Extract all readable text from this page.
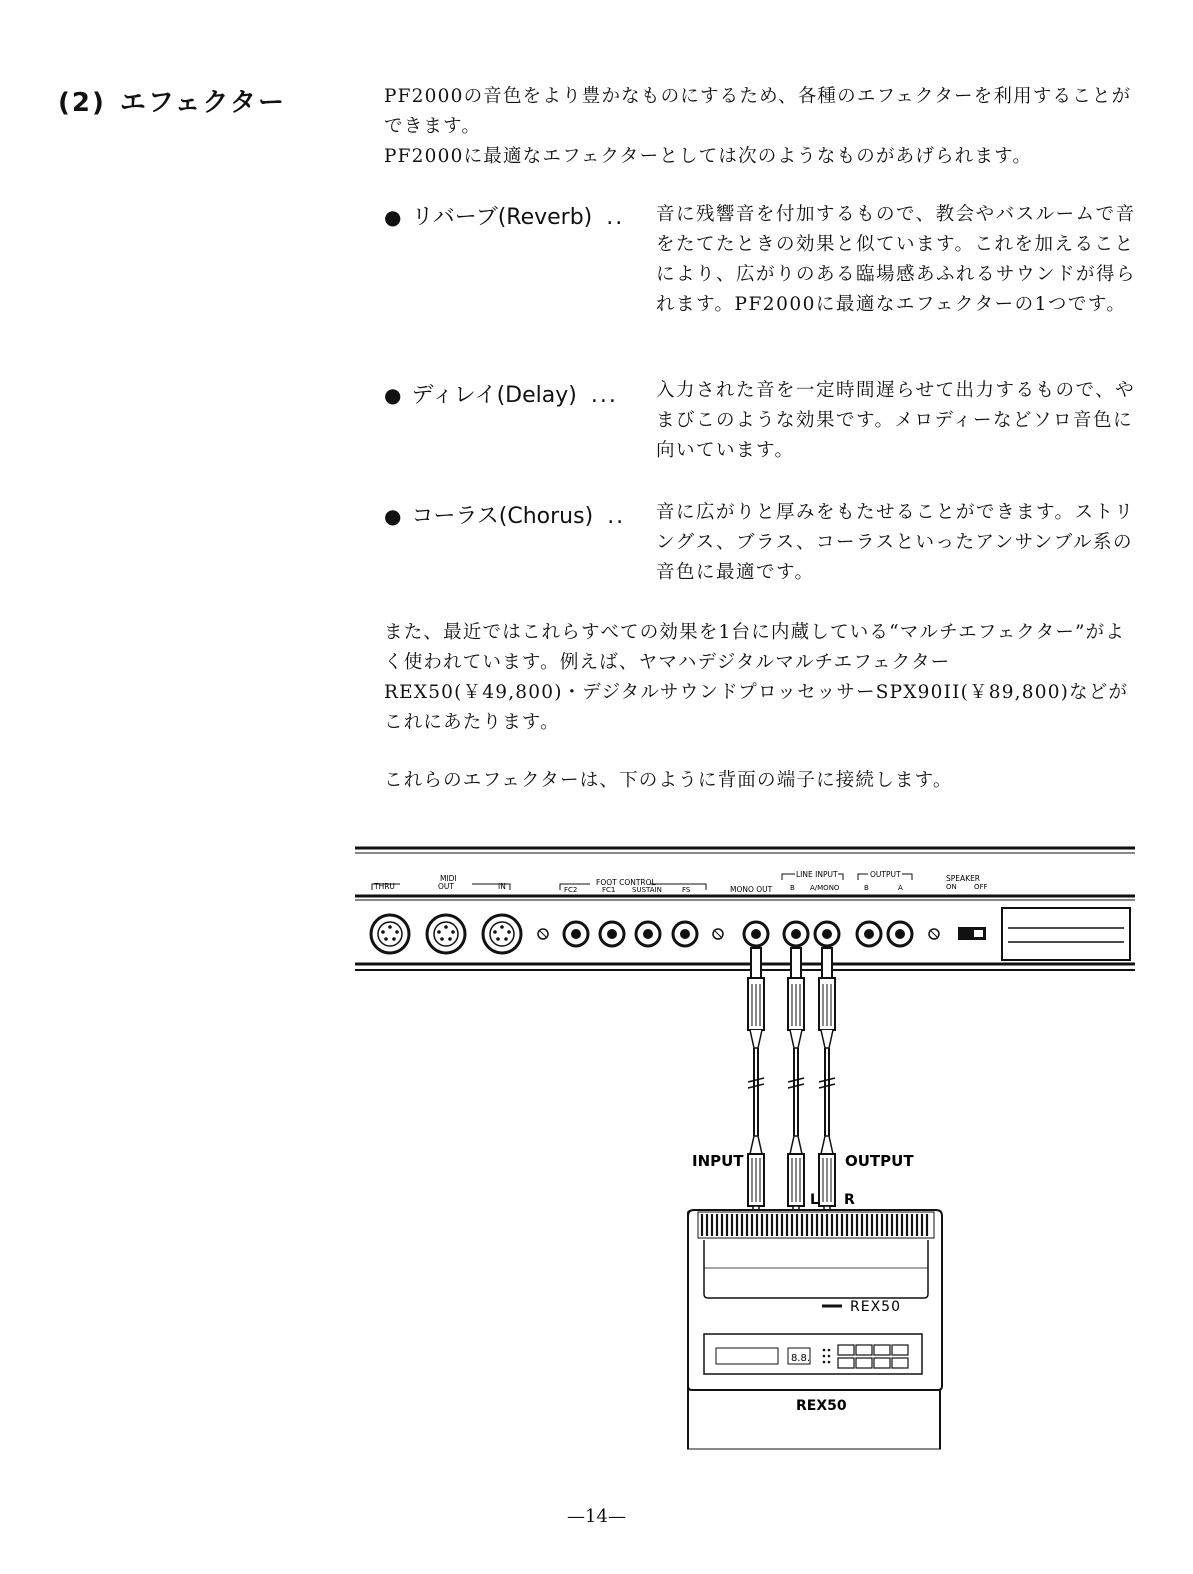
(2) エフェクター	PF2000の音色をより豊かなものにするため、各種のエフェクターを利用することができます。

PF2000に最適なエフェクターとしては次のようなものがあげられます。

● リバーブ(Reverb) .. 音に残響音を付加するもので、教会やバスルームで音をたてたときの効果と似ています。これを加えることにより、広がりのある臨場感あふれるサウンドが得られます。PF2000に最適なエフェクターの1つです。

● ディレイ(Delay) ... 入力された音を一定時間遅らせて出力するもので、やまびこのような効果です。メロディーなどソロ音色に向いています。

● コーラス(Chorus) .. 音に広がりと厚みをもたせることができます。ストリングス、ブラス、コーラスといったアンサンブル系の音色に最適です。

また、最近ではこれらすべての効果を1台に内蔵している“マルチエフェクター”がよく使われています。例えば、ヤマハデジタルマルチエフェクターREX50(￥49,800)・デジタルサウンドプロッセッサーSPX90II(￥89,800)などがこれにあたります。

これらのエフェクターは、下のように背面の端子に接続します。

THRU
MIDI
OUT	IN	FOOT CONTROL
FC2	FC1 SUSTAIN	FS	MONO OUT
LINE INPUT
B A/MONO
OUTPUT
B	A
SPEAKER
ON OFF
INPUT	OUTPUT
L R
REX50
8.8.
REX50
—14—
